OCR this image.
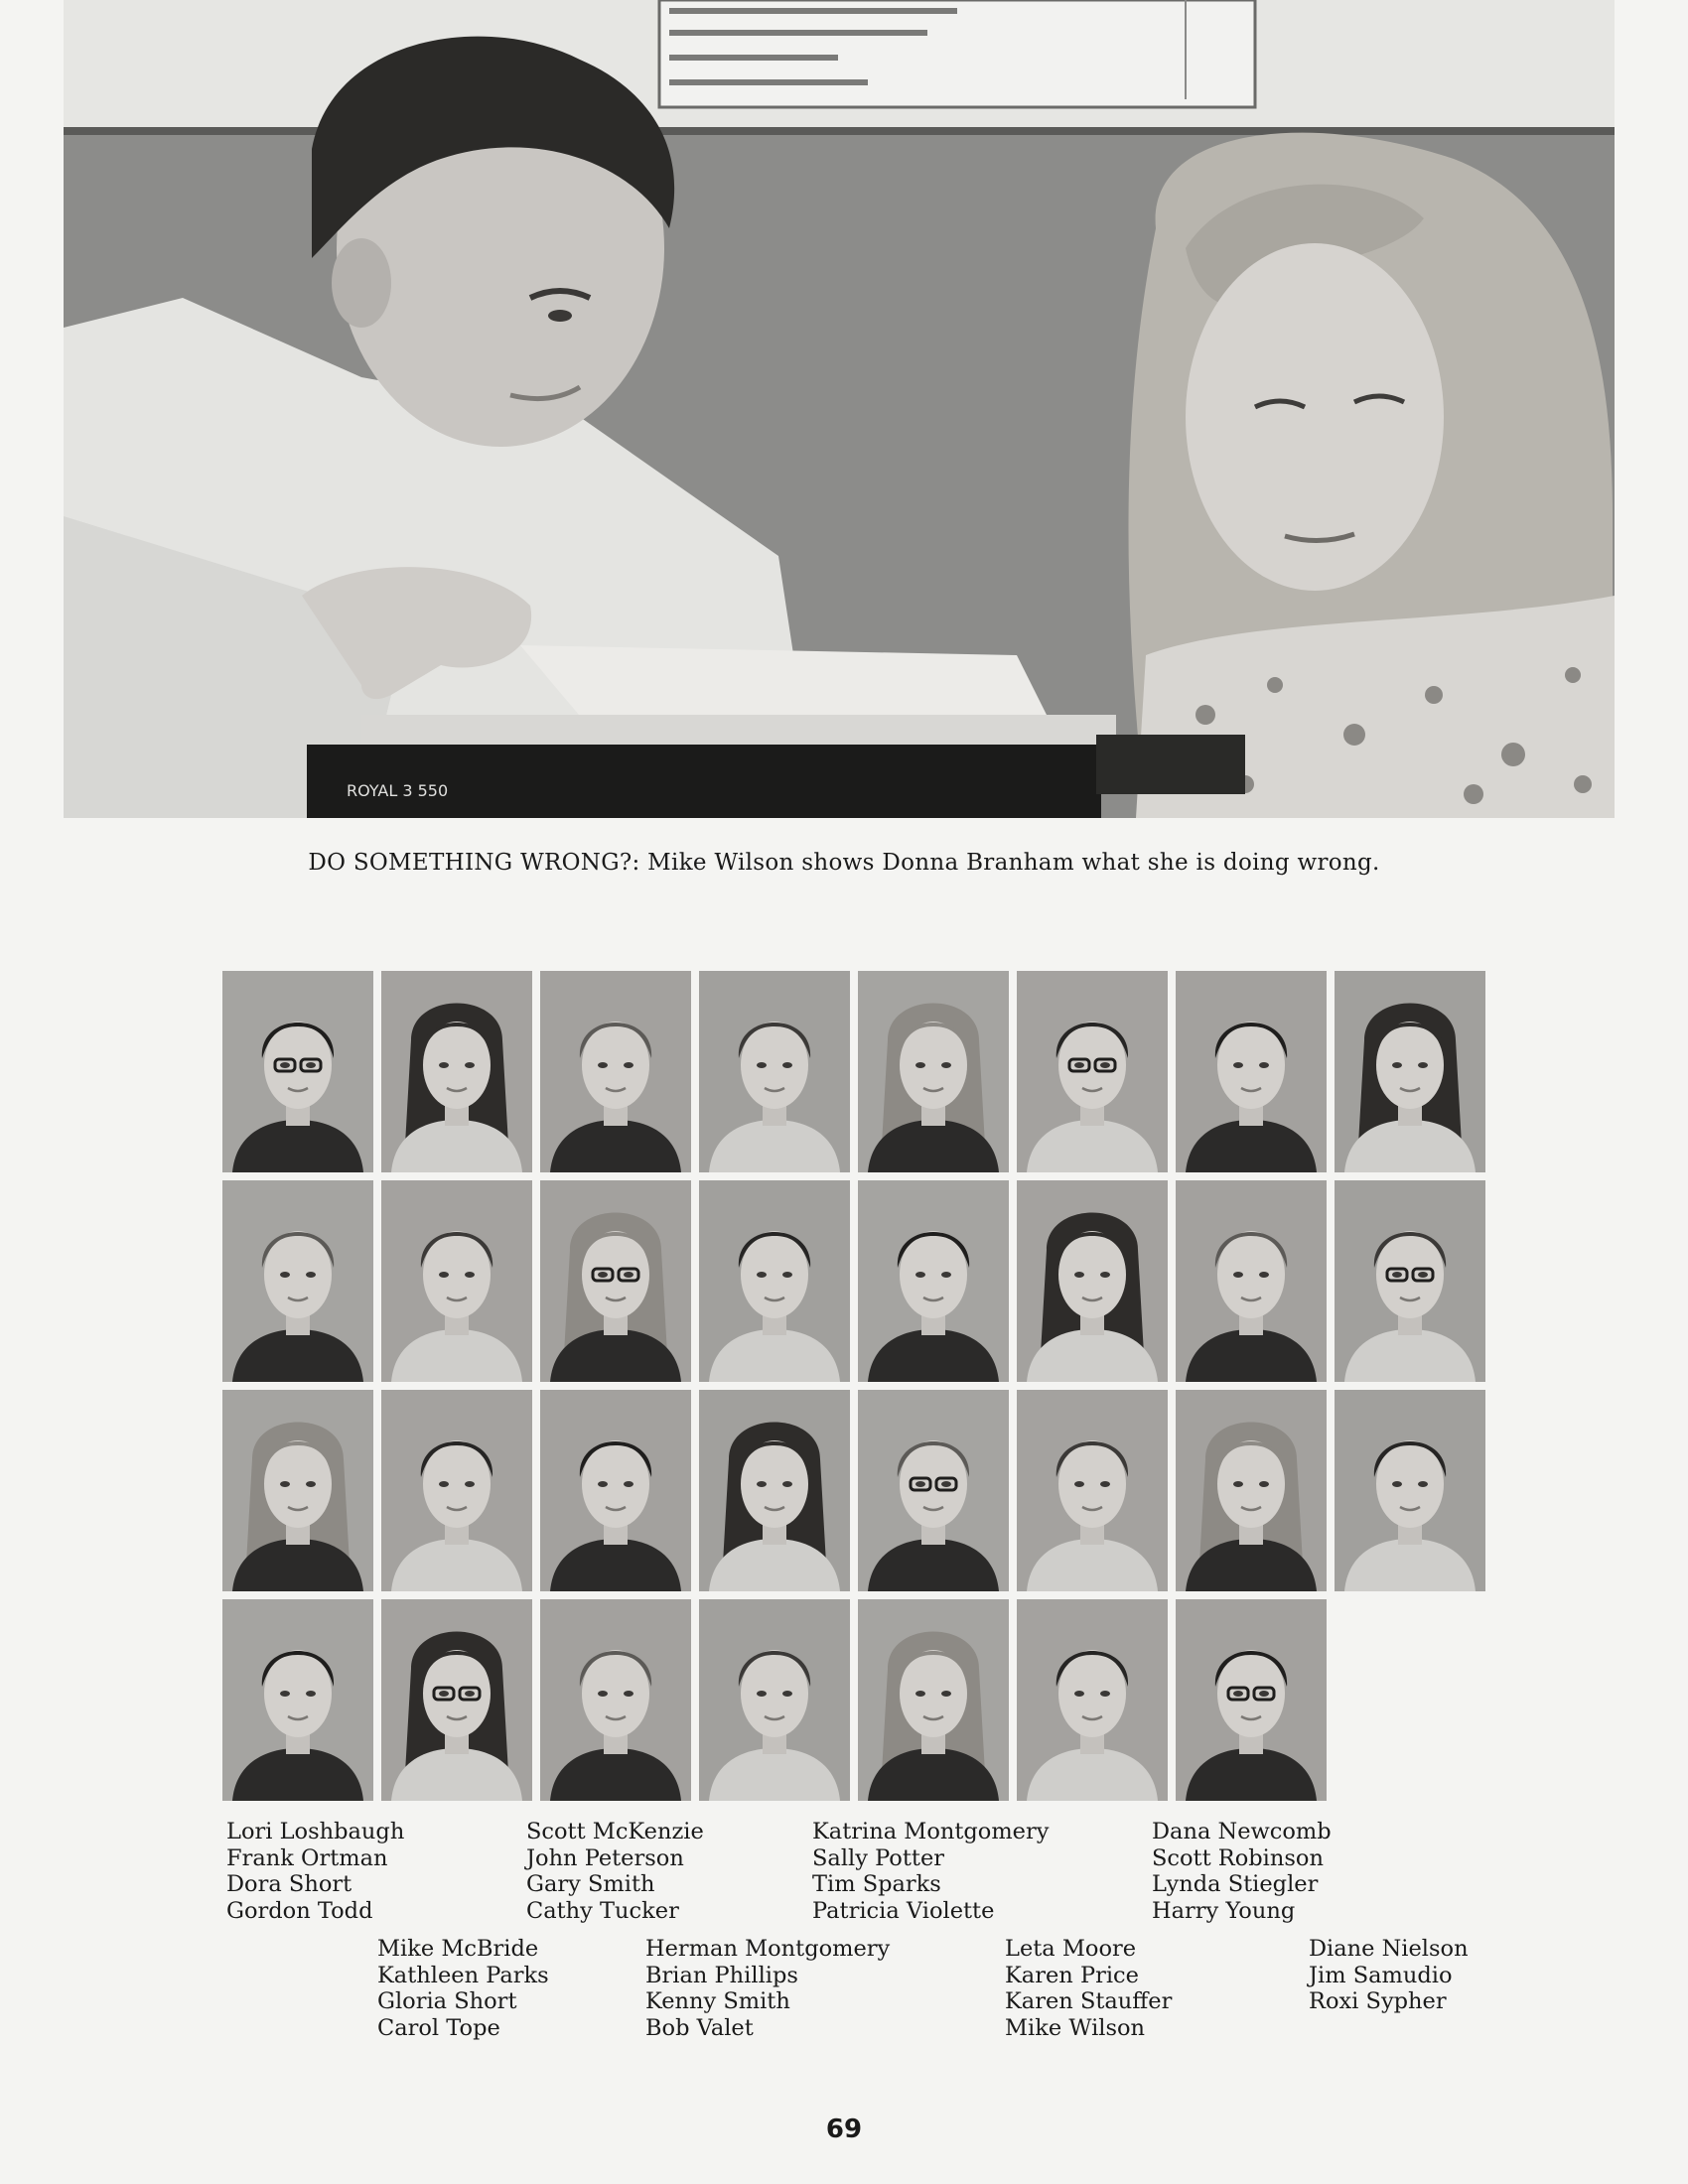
ROYAL 3 550
DO SOMETHING WRONG?: Mike Wilson shows Donna Branham what she is doing wrong.
Lori Loshbaugh
Frank Ortman
Dora Short
Gordon Todd
Scott McKenzie
John Peterson
Gary Smith
Cathy Tucker
Katrina Montgomery
Sally Potter
Tim Sparks
Patricia Violette
Dana Newcomb
Scott Robinson
Lynda Stiegler
Harry Young
Mike McBride
Kathleen Parks
Gloria Short
Carol Tope
Herman Montgomery
Brian Phillips
Kenny Smith
Bob Valet
Leta Moore
Karen Price
Karen Stauffer
Mike Wilson
Diane Nielson
Jim Samudio
Roxi Sypher
69
